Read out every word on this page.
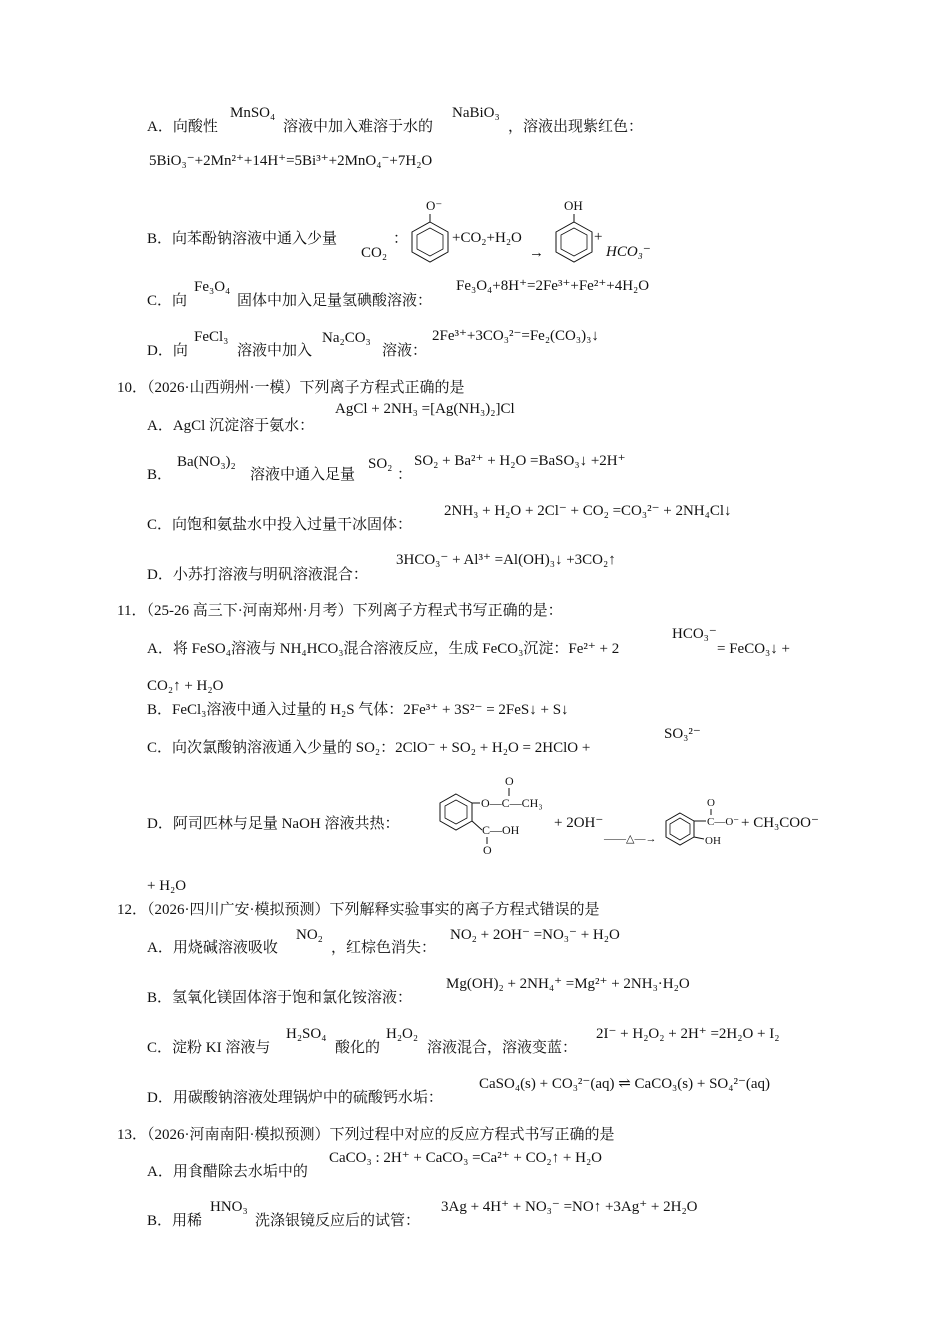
A．向酸性
MnSO₄
溶液中加入难溶于水的
NaBiO₃
，溶液出现紫红色：
5BiO₃⁻+2Mn²⁺+14H⁺=5Bi³⁺+2MnO₄⁻+7H₂O
B．向苯酚钠溶液中通入少量
CO₂
：
O⁻
+CO₂+H₂O
→
OH
+
HCO₃⁻
C．向
Fe₃O₄
固体中加入足量氢碘酸溶液：
Fe₃O₄+8H⁺=2Fe³⁺+Fe²⁺+4H₂O
D．向
FeCl₃
溶液中加入
Na₂CO₃
溶液：
2Fe³⁺+3CO₃²⁻=Fe₂(CO₃)₃↓
10．（2026·山西朔州·一模）下列离子方程式正确的是
A．AgCl 沉淀溶于氨水：
AgCl + 2NH₃ =[Ag(NH₃)₂]Cl
B．
Ba(NO₃)₂
溶液中通入足量
SO₂
：
SO₂ + Ba²⁺ + H₂O =BaSO₃↓ +2H⁺
C．向饱和氨盐水中投入过量干冰固体：
2NH₃ + H₂O + 2Cl⁻ + CO₂ =CO₃²⁻ + 2NH₄Cl↓
D．小苏打溶液与明矾溶液混合：
3HCO₃⁻ + Al³⁺ =Al(OH)₃↓ +3CO₂↑
11．（25-26 高三下·河南郑州·月考）下列离子方程式书写正确的是：
A．将 FeSO₄溶液与 NH₄HCO₃混合溶液反应，生成 FeCO₃沉淀：Fe²⁺ + 2
HCO₃⁻
= FeCO₃↓ +
CO₂↑ + H₂O
B．FeCl₃溶液中通入过量的 H₂S 气体：2Fe³⁺ + 3S²⁻ = 2FeS↓ + S↓
C．向次氯酸钠溶液通入少量的 SO₂：2ClO⁻ + SO₂ + H₂O = 2HClO +
SO₃²⁻
D．阿司匹林与足量 NaOH 溶液共热：
O
O—C—CH₃
C—OH
O
+ 2OH⁻
——△—→
O
C—O⁻
OH
+ CH₃COO⁻
+ H₂O
12．（2026·四川广安·模拟预测）下列解释实验事实的离子方程式错误的是
A．用烧碱溶液吸收
NO₂
，红棕色消失：
NO₂ + 2OH⁻ =NO₃⁻ + H₂O
B．氢氧化镁固体溶于饱和氯化铵溶液：
Mg(OH)₂ + 2NH₄⁺ =Mg²⁺ + 2NH₃·H₂O
C．淀粉 KI 溶液与
H₂SO₄
酸化的
H₂O₂
溶液混合，溶液变蓝：
2I⁻ + H₂O₂ + 2H⁺ =2H₂O + I₂
D．用碳酸钠溶液处理锅炉中的硫酸钙水垢：
CaSO₄(s) + CO₃²⁻(aq) ⇌ CaCO₃(s) + SO₄²⁻(aq)
13．（2026·河南南阳·模拟预测）下列过程中对应的反应方程式书写正确的是
A．用食醋除去水垢中的
CaCO₃ : 2H⁺ + CaCO₃ =Ca²⁺ + CO₂↑ + H₂O
B．用稀
HNO₃
洗涤银镜反应后的试管：
3Ag + 4H⁺ + NO₃⁻ =NO↑ +3Ag⁺ + 2H₂O
